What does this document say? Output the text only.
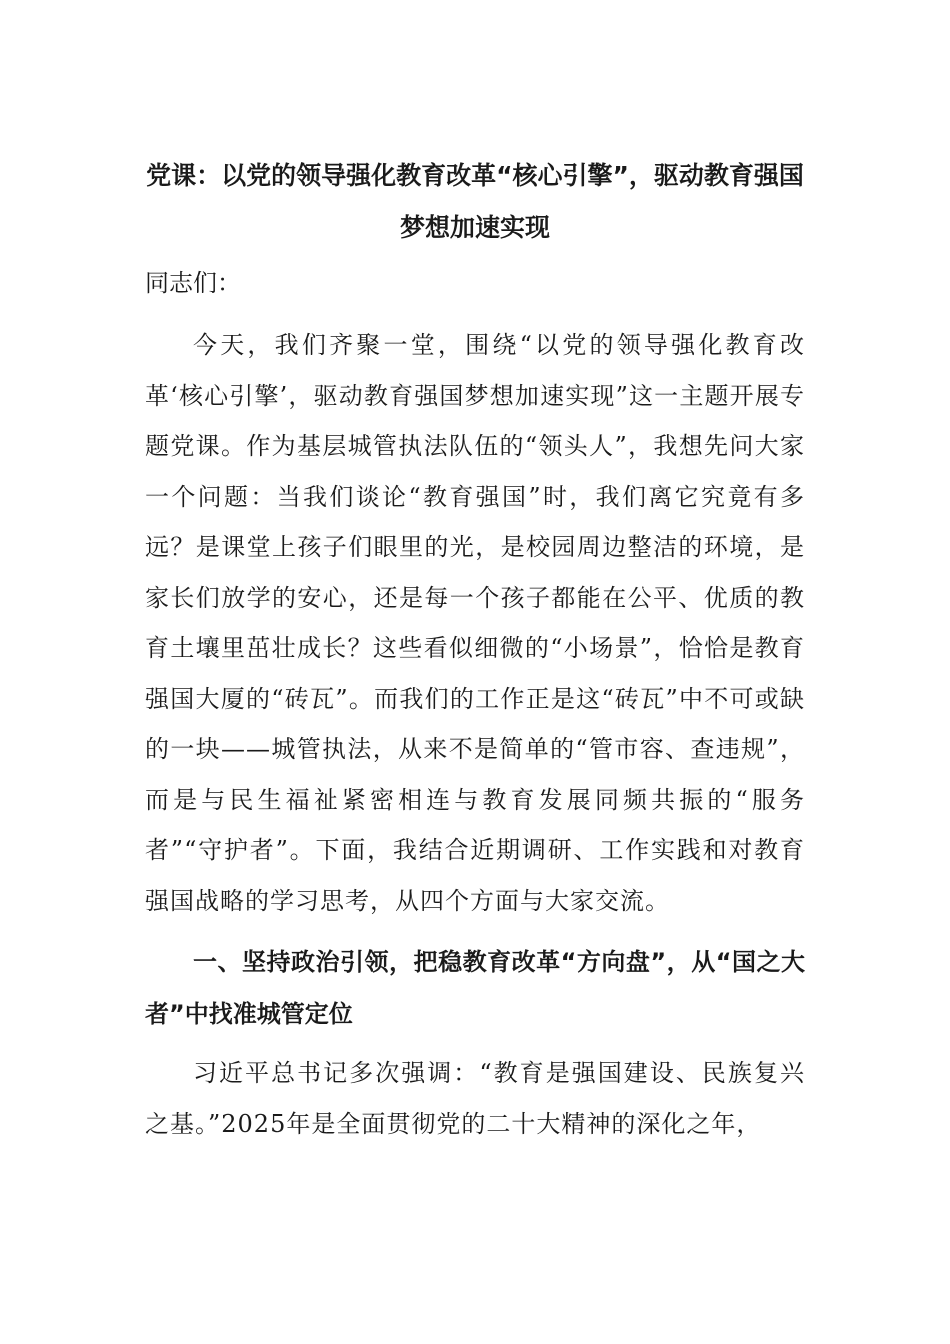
党课：以党的领导强化教育改革“核心引擎”，驱动教育强国梦想加速实现

同志们：

今天，我们齐聚一堂，围绕“以党的领导强化教育改革‘核心引擎’，驱动教育强国梦想加速实现”这一主题开展专题党课。作为基层城管执法队伍的“领头人”，我想先问大家一个问题：当我们谈论“教育强国”时，我们离它究竟有多远？是课堂上孩子们眼里的光，是校园周边整洁的环境，是家长们放学的安心，还是每一个孩子都能在公平、优质的教育土壤里茁壮成长？这些看似细微的“小场景”，恰恰是教育强国大厦的“砖瓦”。而我们的工作正是这“砖瓦”中不可或缺的一块——城管执法，从来不是简单的“管市容、查违规”，而是与民生福祉紧密相连与教育发展同频共振的“服务者”“守护者”。下面，我结合近期调研、工作实践和对教育强国战略的学习思考，从四个方面与大家交流。

一、坚持政治引领，把稳教育改革“方向盘”，从“国之大者”中找准城管定位

习近平总书记多次强调：“教育是强国建设、民族复兴之基。”2025年是全面贯彻党的二十大精神的深化之年，
